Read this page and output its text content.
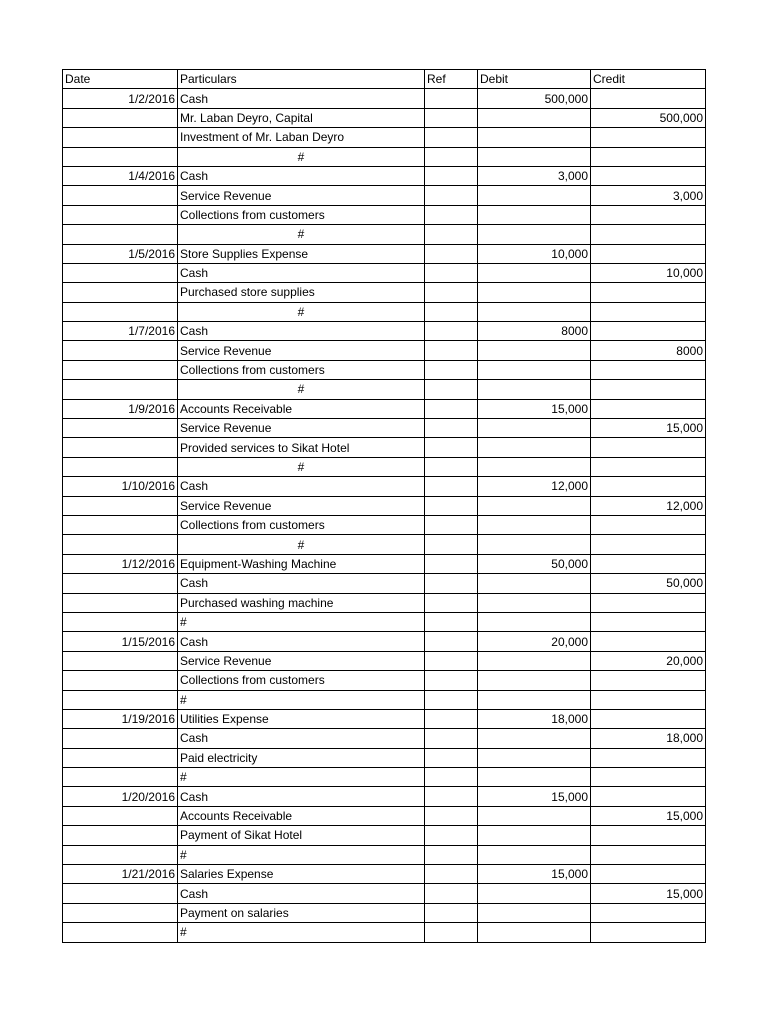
Date	Particulars	Ref	Debit	Credit
1/2/2016	Cash		500,000	
	Mr. Laban Deyro, Capital			500,000
	Investment of Mr. Laban Deyro			
	#			
1/4/2016	Cash		3,000	
	Service Revenue			3,000
	Collections from customers			
	#			
1/5/2016	Store Supplies Expense		10,000	
	Cash			10,000
	Purchased store supplies			
	#			
1/7/2016	Cash		8000	
	Service Revenue			8000
	Collections from customers			
	#			
1/9/2016	Accounts Receivable		15,000	
	Service Revenue			15,000
	Provided services to Sikat Hotel			
	#			
1/10/2016	Cash		12,000	
	Service Revenue			12,000
	Collections from customers			
	#			
1/12/2016	Equipment-Washing Machine		50,000	
	Cash			50,000
	Purchased washing machine			
	#			
1/15/2016	Cash		20,000	
	Service Revenue			20,000
	Collections from customers			
	#			
1/19/2016	Utilities Expense		18,000	
	Cash			18,000
	Paid electricity			
	#			
1/20/2016	Cash		15,000	
	Accounts Receivable			15,000
	Payment of Sikat Hotel			
	#			
1/21/2016	Salaries Expense		15,000	
	Cash			15,000
	Payment on salaries			
	#			
